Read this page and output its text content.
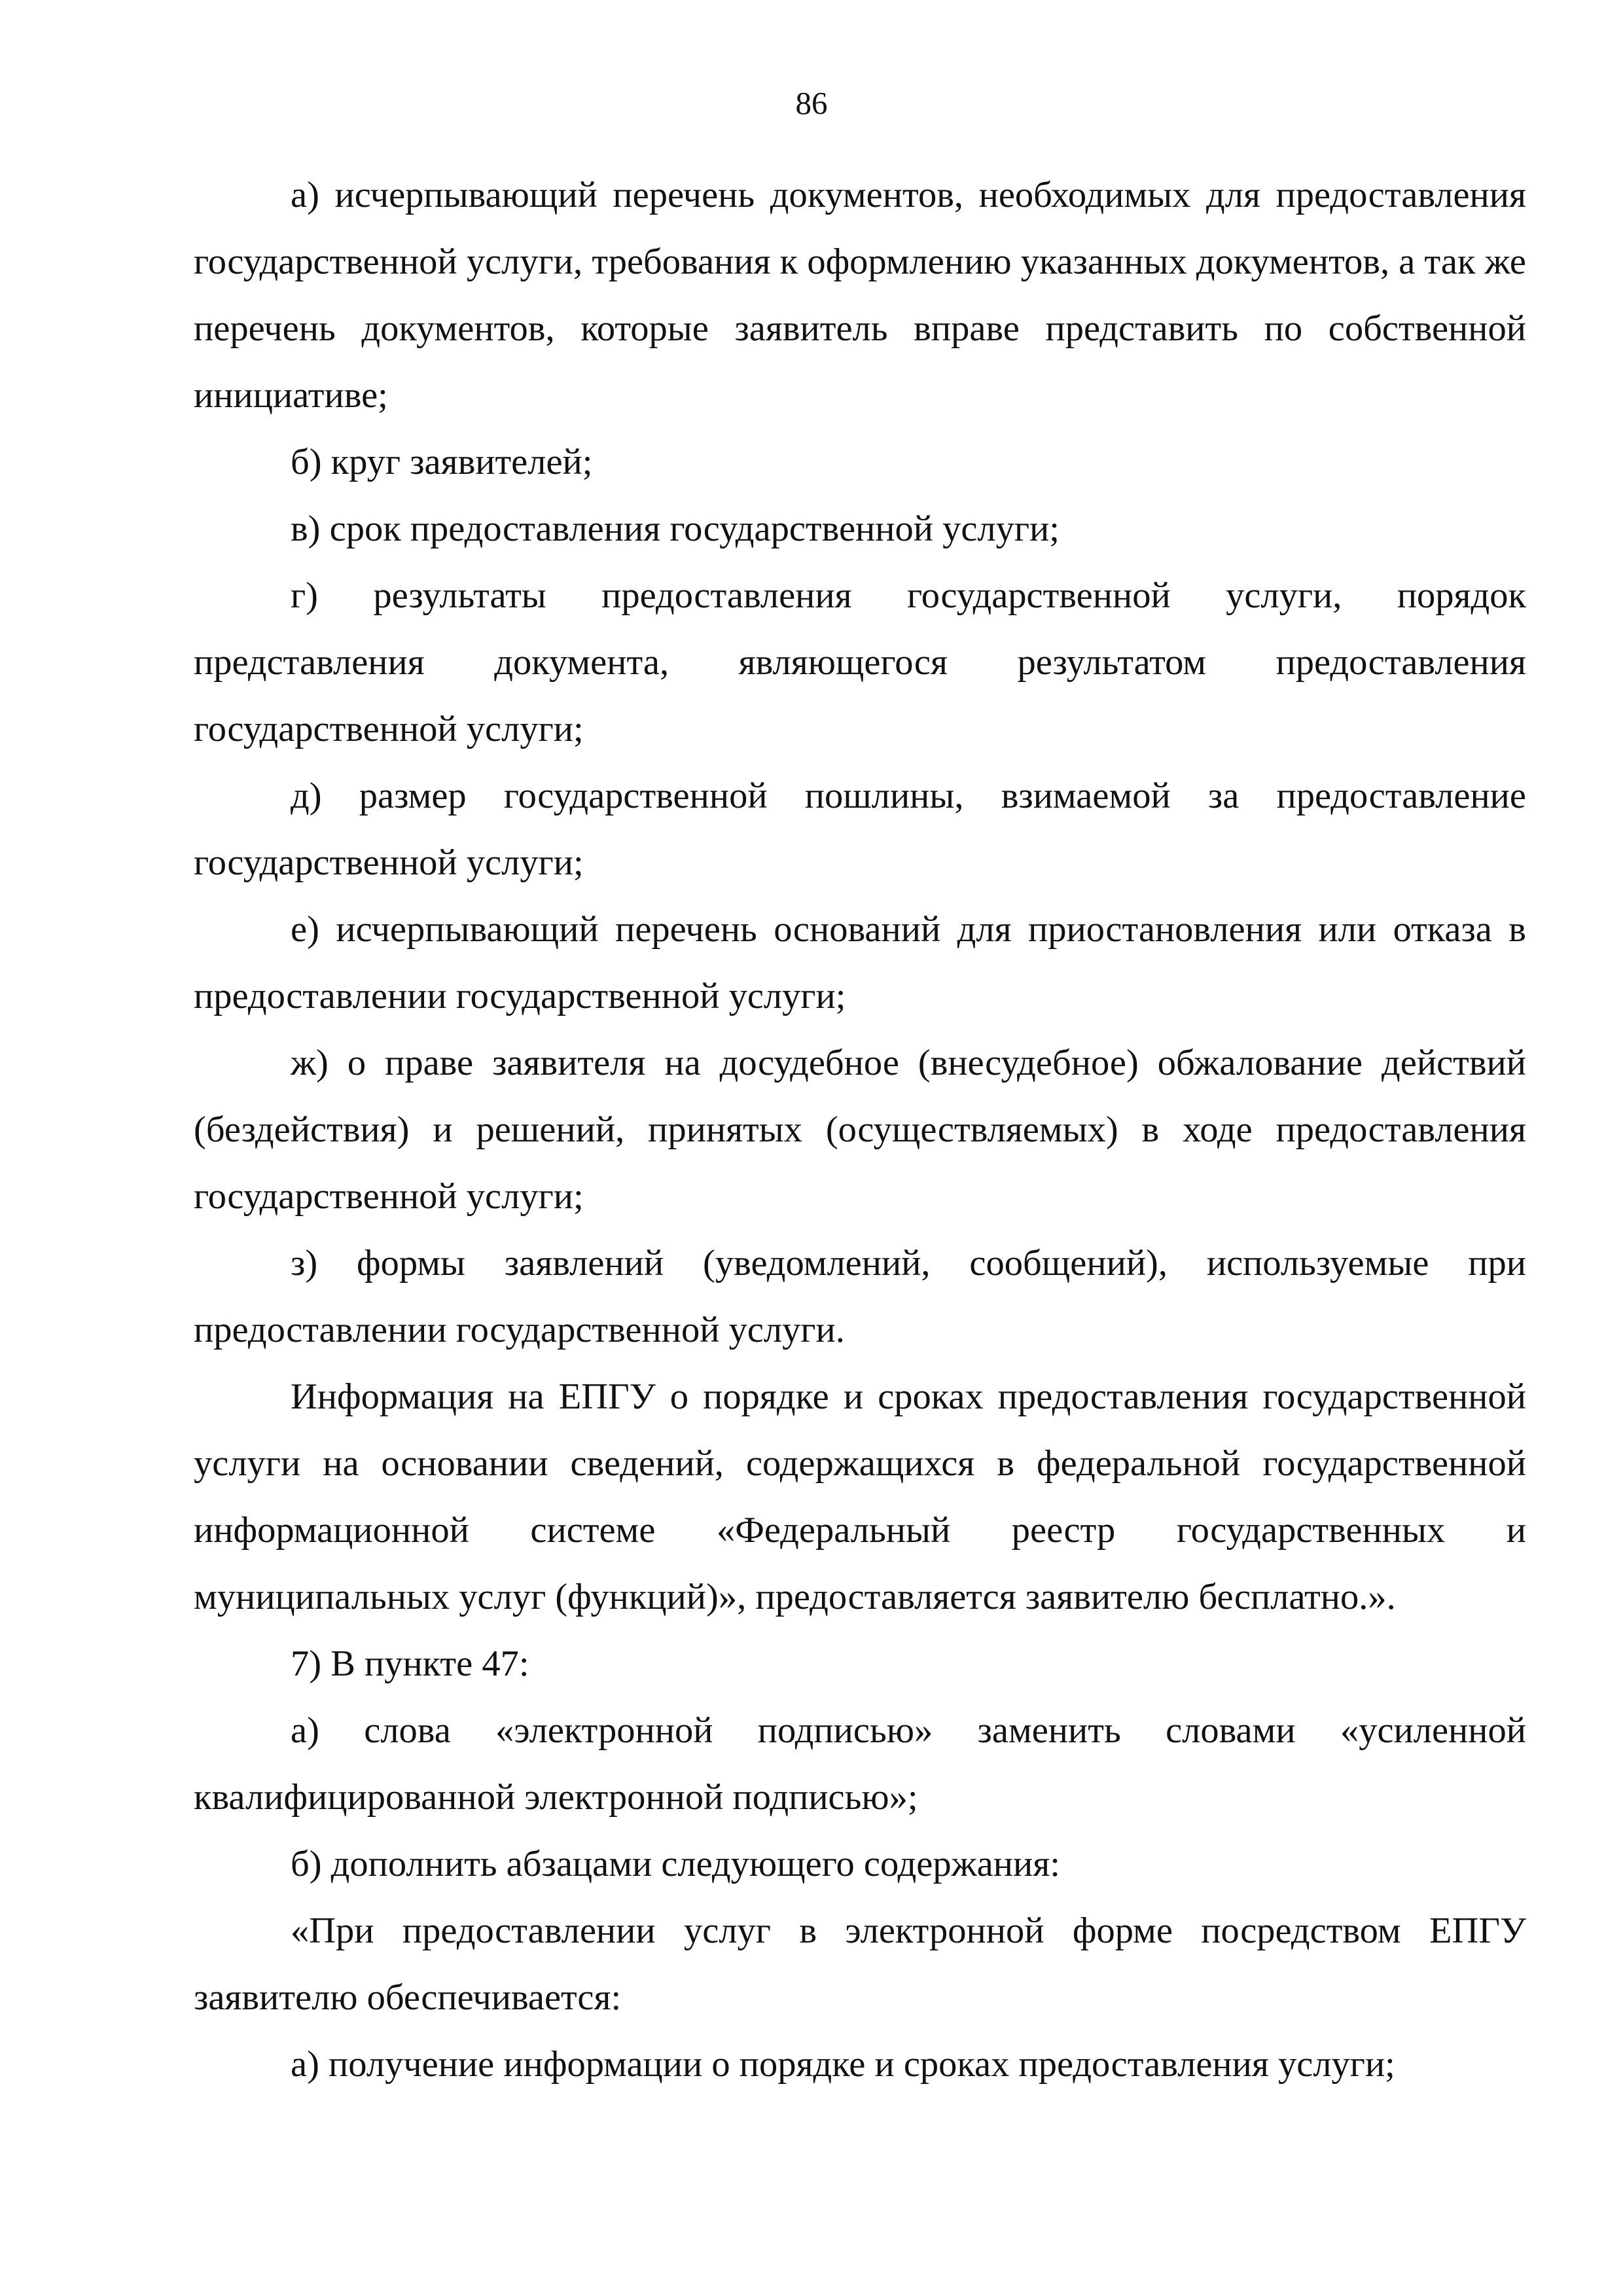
86

а) исчерпывающий перечень документов, необходимых для предоставления государственной услуги, требования к оформлению указанных документов, а так же перечень документов, которые заявитель вправе представить по собственной инициативе;

б) круг заявителей;

в) срок предоставления государственной услуги;

г) результаты предоставления государственной услуги, порядок представления документа, являющегося результатом предоставления государственной услуги;

д) размер государственной пошлины, взимаемой за предоставление государственной услуги;

е) исчерпывающий перечень оснований для приостановления или отказа в предоставлении государственной услуги;

ж) о праве заявителя на досудебное (внесудебное) обжалование действий (бездействия) и решений, принятых (осуществляемых) в ходе предоставления государственной услуги;

з) формы заявлений (уведомлений, сообщений), используемые при предоставлении государственной услуги.

Информация на ЕПГУ о порядке и сроках предоставления государственной услуги на основании сведений, содержащихся в федеральной государственной информационной системе «Федеральный реестр государственных и муниципальных услуг (функций)», предоставляется заявителю бесплатно.».

7) В пункте 47:

а) слова «электронной подписью» заменить словами «усиленной квалифицированной электронной подписью»;

б) дополнить абзацами следующего содержания:

«При предоставлении услуг в электронной форме посредством ЕПГУ заявителю обеспечивается:

а) получение информации о порядке и сроках предоставления услуги;
